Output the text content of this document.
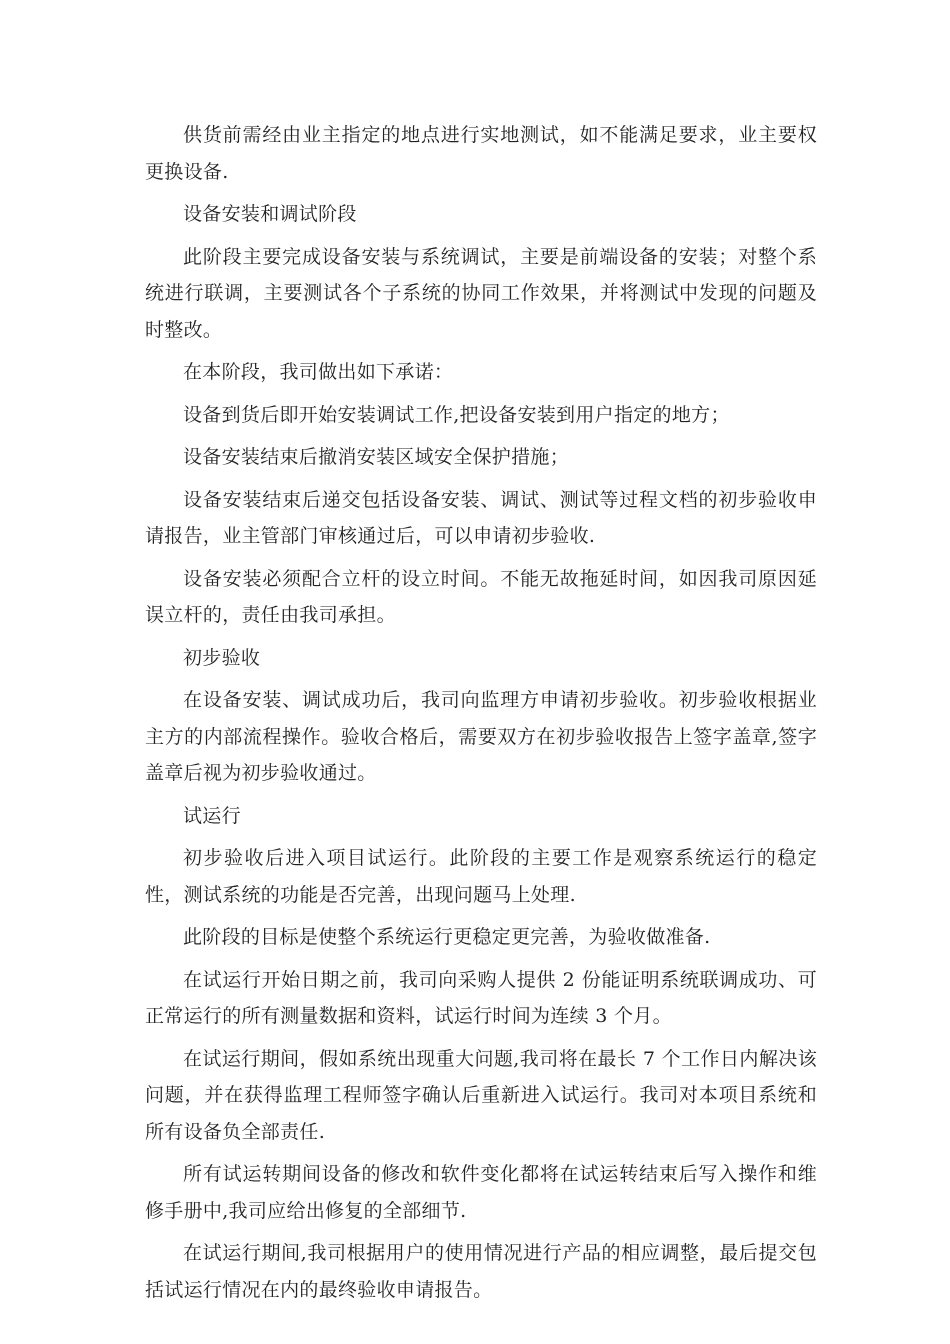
供货前需经由业主指定的地点进行实地测试，如不能满足要求，业主要权更换设备.

设备安装和调试阶段

此阶段主要完成设备安装与系统调试，主要是前端设备的安装；对整个系统进行联调，主要测试各个子系统的协同工作效果，并将测试中发现的问题及时整改。

在本阶段，我司做出如下承诺：

设备到货后即开始安装调试工作,把设备安装到用户指定的地方；

设备安装结束后撤消安装区域安全保护措施；

设备安装结束后递交包括设备安装、调试、测试等过程文档的初步验收申请报告，业主管部门审核通过后，可以申请初步验收.

设备安装必须配合立杆的设立时间。不能无故拖延时间，如因我司原因延误立杆的，责任由我司承担。

初步验收

在设备安装、调试成功后，我司向监理方申请初步验收。初步验收根据业主方的内部流程操作。验收合格后，需要双方在初步验收报告上签字盖章,签字盖章后视为初步验收通过。

试运行

初步验收后进入项目试运行。此阶段的主要工作是观察系统运行的稳定性，测试系统的功能是否完善，出现问题马上处理.

此阶段的目标是使整个系统运行更稳定更完善，为验收做准备.

在试运行开始日期之前，我司向采购人提供 2 份能证明系统联调成功、可正常运行的所有测量数据和资料，试运行时间为连续 3 个月。

在试运行期间，假如系统出现重大问题,我司将在最长 7 个工作日内解决该问题，并在获得监理工程师签字确认后重新进入试运行。我司对本项目系统和所有设备负全部责任.

所有试运转期间设备的修改和软件变化都将在试运转结束后写入操作和维修手册中,我司应给出修复的全部细节.

在试运行期间,我司根据用户的使用情况进行产品的相应调整，最后提交包括试运行情况在内的最终验收申请报告。
